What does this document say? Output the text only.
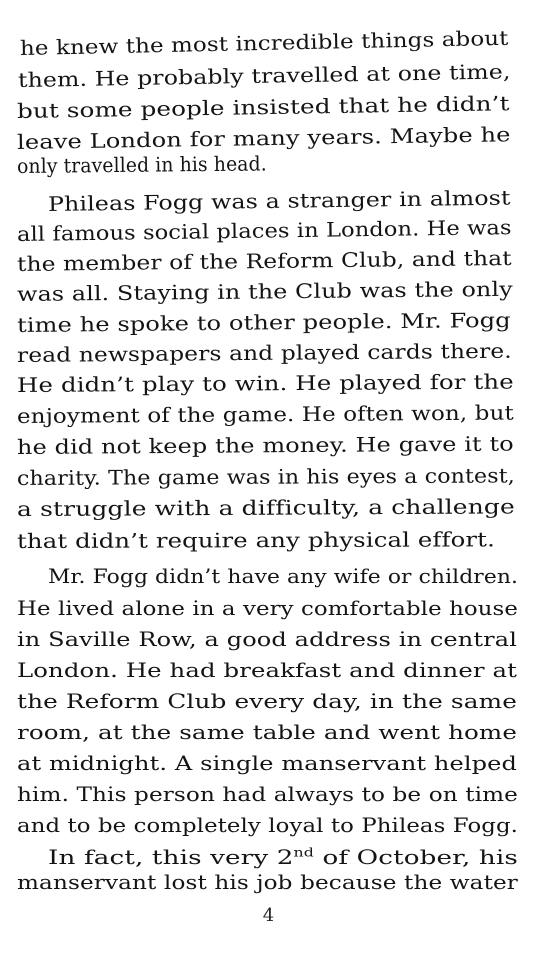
he knew the most incredible things about
them. He probably travelled at one time,
but some people insisted that he didn’t
leave London for many years. Maybe he
only travelled in his head.
Phileas Fogg was a stranger in almost
all famous social places in London. He was
the member of the Reform Club, and that
was all. Staying in the Club was the only
time he spoke to other people. Mr. Fogg
read newspapers and played cards there.
He didn’t play to win. He played for the
enjoyment of the game. He often won, but
he did not keep the money. He gave it to
charity. The game was in his eyes a contest,
a struggle with a difficulty, a challenge
that didn’t require any physical effort.
Mr. Fogg didn’t have any wife or children.
He lived alone in a very comfortable house
in Saville Row, a good address in central
London. He had breakfast and dinner at
the Reform Club every day, in the same
room, at the same table and went home
at midnight. A single manservant helped
him. This person had always to be on time
and to be completely loyal to Phileas Fogg.
In fact, this very 2nd of October, his
manservant lost his job because the water
4
